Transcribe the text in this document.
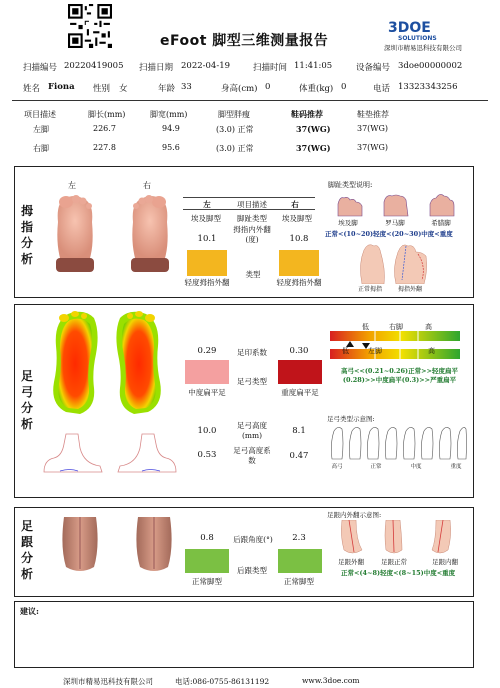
eFoot 脚型三维测量报告
3DOE
SOLUTIONS
深圳市精易迅科技有限公司
扫描编号 20220419005 扫描日期 2022-04-19	扫描时间 11:41:05	设备编号 3doe00000002
姓名 Fiona 性别 女	年龄 33	身高(cm) 0	体重(kg) 0	电话 13323343256
项目描述	脚长(mm)	脚宽(mm)	脚型胖瘦	鞋码推荐	鞋垫推荐
左脚	226.7	94.9	(3.0) 正常	37(WG)	37(WG)
右脚	227.8	95.6	(3.0) 正常	37(WG)	37(WG)
拇指分析
左	右
左	项目描述	右
埃及脚型	脚趾类型	埃及脚型
拇指内外翻(度)
10.1	10.8
类型
轻度拇指外翻	轻度拇指外翻
脚趾类型说明:
埃及脚	罗马脚	希腊脚
正常<(10~20)轻度<(20~30)中度<重度
正常拇指	拇指外翻
足弓分析
0.29	足印系数	0.30
足弓类型
中度扁平足	重度扁平足
足弓高度(mm)
10.0	8.1
足弓高度系数
0.53	0.47
低	右脚	高
低	左脚	高
高弓<<(0.21~0.26)正常>>轻度扁平(0.28)>>中度扁平(0.3)>>严重扁平
足弓类型示意图:
高弓	正常	中度	重度
足跟分析
0.8	后跟角度(°)	2.3
后跟类型
正常脚型	正常脚型
足跟内外翻示意图:
足跟外翻	足跟正常	足跟内翻
正常<(4~8)轻度<(8~15)中度<重度
建议:
深圳市精易迅科技有限公司	电话:086-0755-86131192	www.3doe.com
